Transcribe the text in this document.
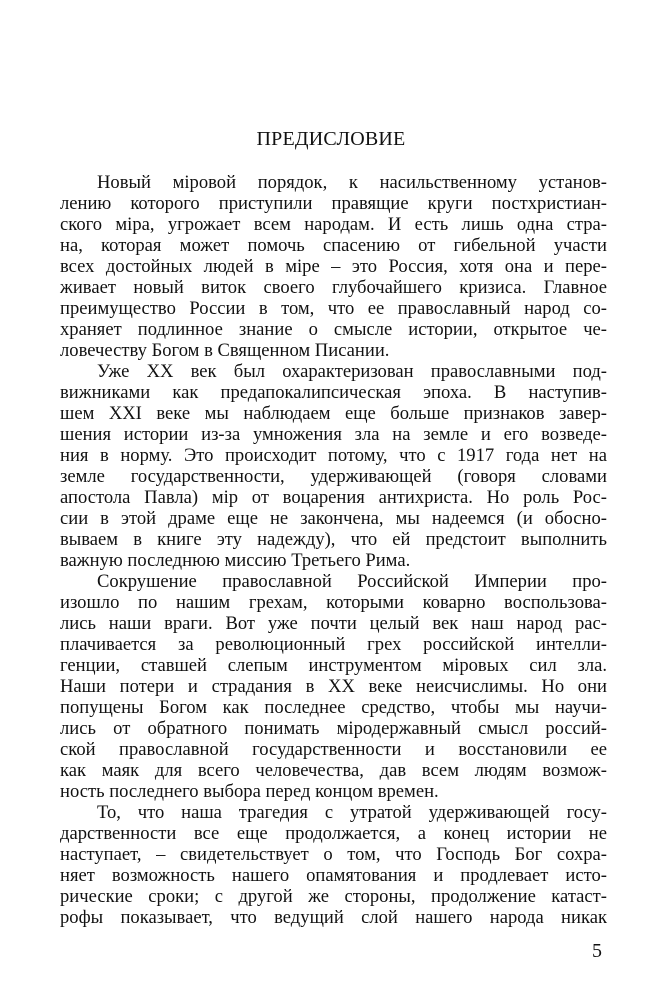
ПРЕДИСЛОВИЕ
Новый міровой порядок, к насильственному установ-
лению которого приступили правящие круги постхристиан-
ского міра, угрожает всем народам. И есть лишь одна стра-
на, которая может помочь спасению от гибельной участи
всех достойных людей в міре – это Россия, хотя она и пере-
живает новый виток своего глубочайшего кризиса. Главное
преимущество России в том, что ее православный народ со-
храняет подлинное знание о смысле истории, открытое че-
ловечеству Богом в Священном Писании.
Уже XX век был охарактеризован православными под-
вижниками как предапокалипсическая эпоха. В наступив-
шем XXI веке мы наблюдаем еще больше признаков завер-
шения истории из-за умножения зла на земле и его возведе-
ния в норму. Это происходит потому, что с 1917 года нет на
земле государственности, удерживающей (говоря словами
апостола Павла) мір от воцарения антихриста. Но роль Рос-
сии в этой драме еще не закончена, мы надеемся (и обосно-
вываем в книге эту надежду), что ей предстоит выполнить
важную последнюю миссию Третьего Рима.
Сокрушение православной Российской Империи про-
изошло по нашим грехам, которыми коварно воспользова-
лись наши враги. Вот уже почти целый век наш народ рас-
плачивается за революционный грех российской интелли-
генции, ставшей слепым инструментом міровых сил зла.
Наши потери и страдания в XX веке неисчислимы. Но они
попущены Богом как последнее средство, чтобы мы научи-
лись от обратного понимать міродержавный смысл россий-
ской православной государственности и восстановили ее
как маяк для всего человечества, дав всем людям возмож-
ность последнего выбора перед концом времен.
То, что наша трагедия с утратой удерживающей госу-
дарственности все еще продолжается, а конец истории не
наступает, – свидетельствует о том, что Господь Бог сохра-
няет возможность нашего опамятования и продлевает исто-
рические сроки; с другой же стороны, продолжение катаст-
рофы показывает, что ведущий слой нашего народа никак
5
